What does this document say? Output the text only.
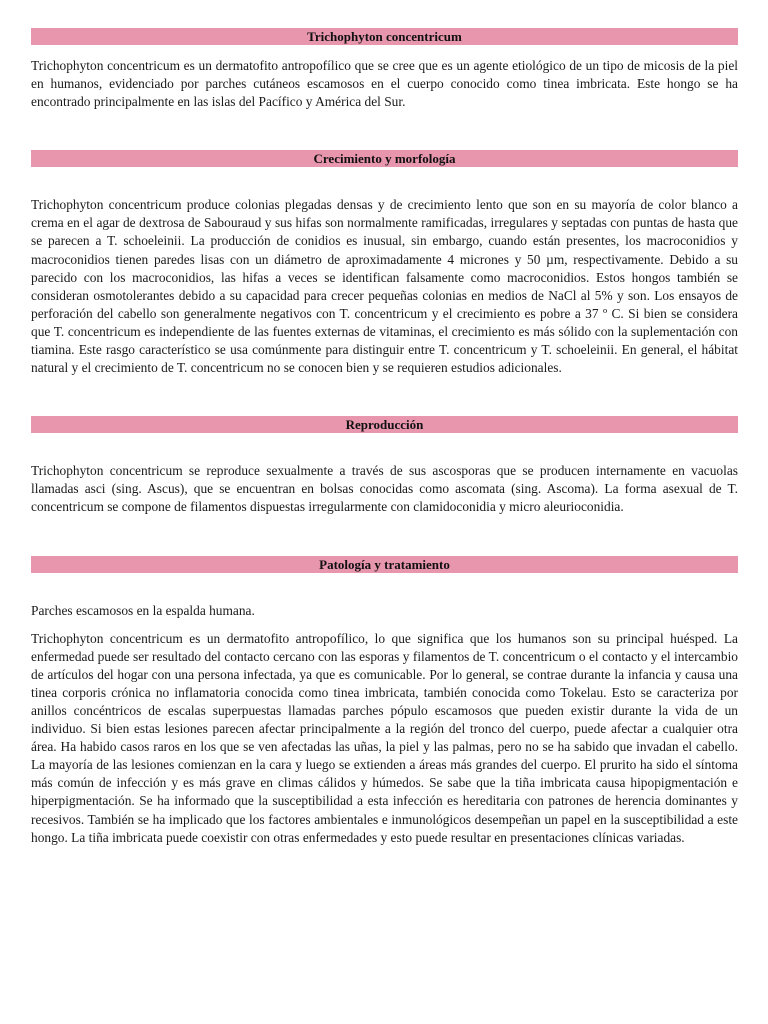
Trichophyton concentricum

Trichophyton concentricum es un dermatofito antropofílico que se cree que es un agente etiológico de un tipo de micosis de la piel en humanos, evidenciado por parches cutáneos escamosos en el cuerpo conocido como tinea imbricata. Este hongo se ha encontrado principalmente en las islas del Pacífico y América del Sur.

Crecimiento y morfología

Trichophyton concentricum produce colonias plegadas densas y de crecimiento lento que son en su mayoría de color blanco a crema en el agar de dextrosa de Sabouraud y sus hifas son normalmente ramificadas, irregulares y septadas con puntas de hasta que se parecen a T. schoeleinii. La producción de conidios es inusual, sin embargo, cuando están presentes, los macroconidios y macroconidios tienen paredes lisas con un diámetro de aproximadamente 4 micrones y 50 µm, respectivamente. Debido a su parecido con los macroconidios, las hifas a veces se identifican falsamente como macroconidios. Estos hongos también se consideran osmotolerantes debido a su capacidad para crecer pequeñas colonias en medios de NaCl al 5% y son. Los ensayos de perforación del cabello son generalmente negativos con T. concentricum y el crecimiento es pobre a 37 º C. Si bien se considera que T. concentricum es independiente de las fuentes externas de vitaminas, el crecimiento es más sólido con la suplementación con tiamina. Este rasgo característico se usa comúnmente para distinguir entre T. concentricum y T. schoeleinii. En general, el hábitat natural y el crecimiento de T. concentricum no se conocen bien y se requieren estudios adicionales.

Reproducción

Trichophyton concentricum se reproduce sexualmente a través de sus ascosporas que se producen internamente en vacuolas llamadas asci (sing. Ascus), que se encuentran en bolsas conocidas como ascomata (sing. Ascoma). La forma asexual de T. concentricum se compone de filamentos dispuestas irregularmente con clamidoconidia y micro aleurioconidia.

Patología y tratamiento

Parches escamosos en la espalda humana.

Trichophyton concentricum es un dermatofito antropofílico, lo que significa que los humanos son su principal huésped. La enfermedad puede ser resultado del contacto cercano con las esporas y filamentos de T. concentricum o el contacto y el intercambio de artículos del hogar con una persona infectada, ya que es comunicable. Por lo general, se contrae durante la infancia y causa una tinea corporis crónica no inflamatoria conocida como tinea imbricata, también conocida como Tokelau. Esto se caracteriza por anillos concéntricos de escalas superpuestas llamadas parches pópulo escamosos que pueden existir durante la vida de un individuo. Si bien estas lesiones parecen afectar principalmente a la región del tronco del cuerpo, puede afectar a cualquier otra área. Ha habido casos raros en los que se ven afectadas las uñas, la piel y las palmas, pero no se ha sabido que invadan el cabello. La mayoría de las lesiones comienzan en la cara y luego se extienden a áreas más grandes del cuerpo. El prurito ha sido el síntoma más común de infección y es más grave en climas cálidos y húmedos. Se sabe que la tiña imbricata causa hipopigmentación e hiperpigmentación. Se ha informado que la susceptibilidad a esta infección es hereditaria con patrones de herencia dominantes y recesivos. También se ha implicado que los factores ambientales e inmunológicos desempeñan un papel en la susceptibilidad a este hongo. La tiña imbricata puede coexistir con otras enfermedades y esto puede resultar en presentaciones clínicas variadas.
